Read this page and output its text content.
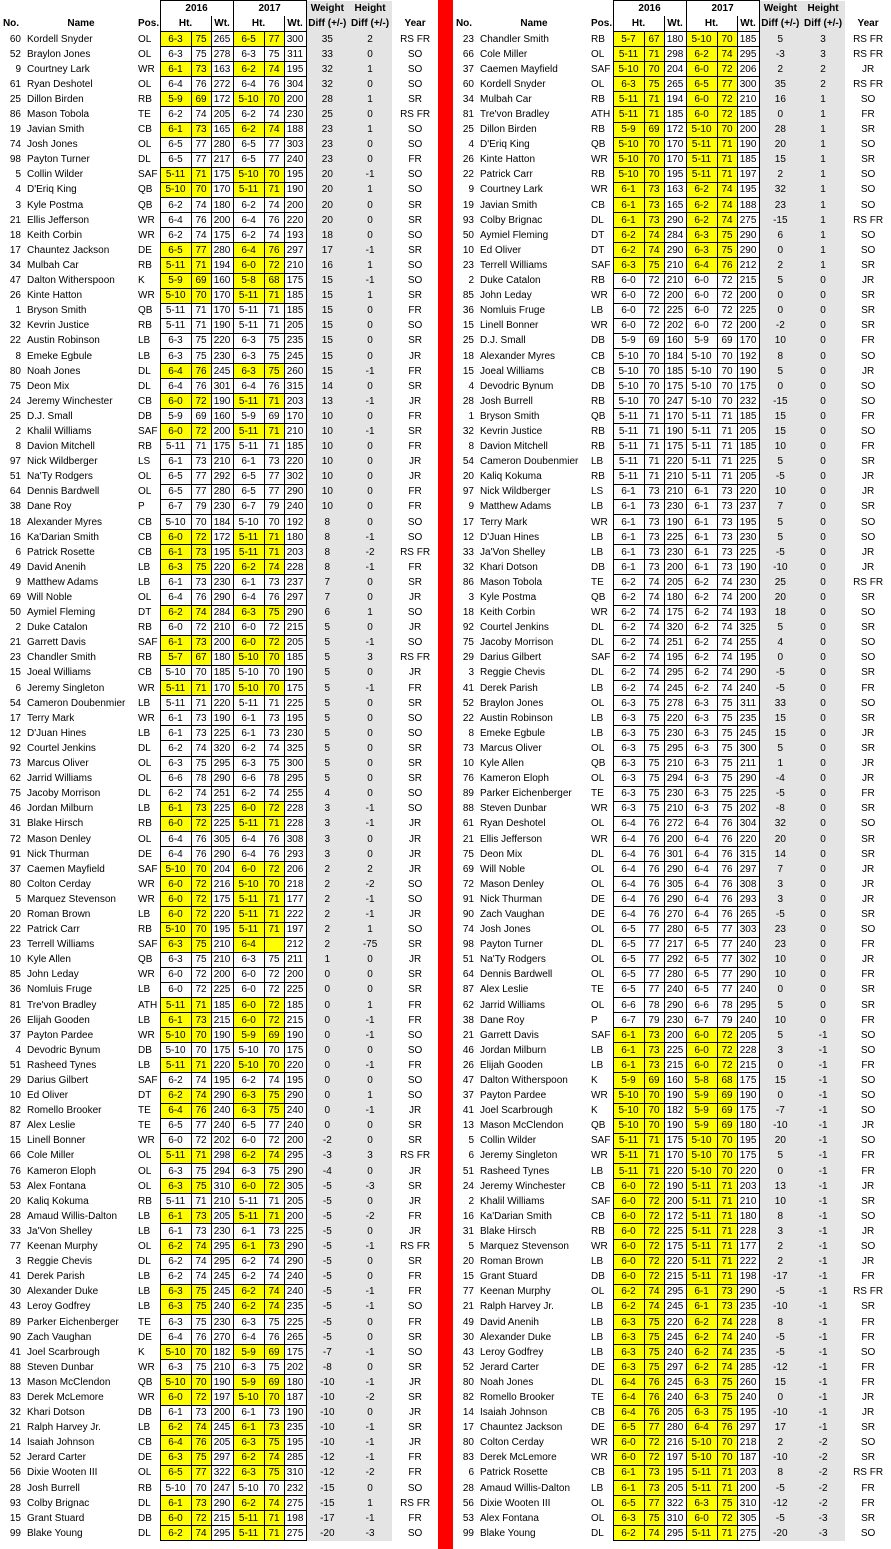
			2016			2017			Weight	Height	
No.	Name	Pos.	Ht.		Wt.	Ht.		Wt.	Diff (+/-)	Diff (+/-)	Year
60	Kordell Snyder	OL	6-3	75	265	6-5	77	300	35	2	RS FR
52	Braylon Jones	OL	6-3	75	278	6-3	75	311	33	0	SO
9	Courtney Lark	WR	6-1	73	163	6-2	74	195	32	1	SO
61	Ryan Deshotel	OL	6-4	76	272	6-4	76	304	32	0	SO
25	Dillon Birden	RB	5-9	69	172	5-10	70	200	28	1	SR
86	Mason Tobola	TE	6-2	74	205	6-2	74	230	25	0	RS FR
19	Javian Smith	CB	6-1	73	165	6-2	74	188	23	1	SO
74	Josh Jones	OL	6-5	77	280	6-5	77	303	23	0	SO
98	Payton Turner	DL	6-5	77	217	6-5	77	240	23	0	FR
5	Collin Wilder	SAF	5-11	71	175	5-10	70	195	20	-1	SO
4	D'Eriq King	QB	5-10	70	170	5-11	71	190	20	1	SO
3	Kyle Postma	QB	6-2	74	180	6-2	74	200	20	0	SR
21	Ellis Jefferson	WR	6-4	76	200	6-4	76	220	20	0	SR
18	Keith Corbin	WR	6-2	74	175	6-2	74	193	18	0	SO
17	Chauntez Jackson	DE	6-5	77	280	6-4	76	297	17	-1	SR
34	Mulbah Car	RB	5-11	71	194	6-0	72	210	16	1	SO
47	Dalton Witherspoon	K	5-9	69	160	5-8	68	175	15	-1	SO
26	Kinte Hatton	WR	5-10	70	170	5-11	71	185	15	1	SR
1	Bryson Smith	QB	5-11	71	170	5-11	71	185	15	0	FR
32	Kevrin Justice	RB	5-11	71	190	5-11	71	205	15	0	SO
22	Austin Robinson	LB	6-3	75	220	6-3	75	235	15	0	SR
8	Emeke Egbule	LB	6-3	75	230	6-3	75	245	15	0	JR
80	Noah Jones	DL	6-4	76	245	6-3	75	260	15	-1	FR
75	Deon Mix	DL	6-4	76	301	6-4	76	315	14	0	SR
24	Jeremy Winchester	CB	6-0	72	190	5-11	71	203	13	-1	JR
25	D.J. Small	DB	5-9	69	160	5-9	69	170	10	0	FR
2	Khalil Williams	SAF	6-0	72	200	5-11	71	210	10	-1	SR
8	Davion Mitchell	RB	5-11	71	175	5-11	71	185	10	0	FR
97	Nick Wildberger	LS	6-1	73	210	6-1	73	220	10	0	JR
51	Na'Ty Rodgers	OL	6-5	77	292	6-5	77	302	10	0	JR
64	Dennis Bardwell	OL	6-5	77	280	6-5	77	290	10	0	FR
38	Dane Roy	P	6-7	79	230	6-7	79	240	10	0	FR
18	Alexander Myres	CB	5-10	70	184	5-10	70	192	8	0	SO
16	Ka'Darian Smith	CB	6-0	72	172	5-11	71	180	8	-1	SO
6	Patrick Rosette	CB	6-1	73	195	5-11	71	203	8	-2	RS FR
49	David Anenih	LB	6-3	75	220	6-2	74	228	8	-1	FR
9	Matthew Adams	LB	6-1	73	230	6-1	73	237	7	0	SR
69	Will Noble	OL	6-4	76	290	6-4	76	297	7	0	JR
50	Aymiel Fleming	DT	6-2	74	284	6-3	75	290	6	1	SO
2	Duke Catalon	RB	6-0	72	210	6-0	72	215	5	0	JR
21	Garrett Davis	SAF	6-1	73	200	6-0	72	205	5	-1	SO
23	Chandler Smith	RB	5-7	67	180	5-10	70	185	5	3	RS FR
15	Joeal Williams	CB	5-10	70	185	5-10	70	190	5	0	JR
6	Jeremy Singleton	WR	5-11	71	170	5-10	70	175	5	-1	FR
54	Cameron Doubenmier	LB	5-11	71	220	5-11	71	225	5	0	SR
17	Terry Mark	WR	6-1	73	190	6-1	73	195	5	0	SO
12	D'Juan Hines	LB	6-1	73	225	6-1	73	230	5	0	SO
92	Courtel Jenkins	DL	6-2	74	320	6-2	74	325	5	0	SR
73	Marcus Oliver	OL	6-3	75	295	6-3	75	300	5	0	SR
62	Jarrid Williams	OL	6-6	78	290	6-6	78	295	5	0	SR
75	Jacoby Morrison	DL	6-2	74	251	6-2	74	255	4	0	SO
46	Jordan Milburn	LB	6-1	73	225	6-0	72	228	3	-1	SO
31	Blake Hirsch	RB	6-0	72	225	5-11	71	228	3	-1	JR
72	Mason Denley	OL	6-4	76	305	6-4	76	308	3	0	JR
91	Nick Thurman	DE	6-4	76	290	6-4	76	293	3	0	JR
37	Caemen Mayfield	SAF	5-10	70	204	6-0	72	206	2	2	JR
80	Colton Cerday	WR	6-0	72	216	5-10	70	218	2	-2	SO
5	Marquez Stevenson	WR	6-0	72	175	5-11	71	177	2	-1	SO
20	Roman Brown	LB	6-0	72	220	5-11	71	222	2	-1	JR
22	Patrick Carr	RB	5-10	70	195	5-11	71	197	2	1	SO
23	Terrell Williams	SAF	6-3	75	210	6-4		212	2	-75	SR
10	Kyle Allen	QB	6-3	75	210	6-3	75	211	1	0	JR
85	John Leday	WR	6-0	72	200	6-0	72	200	0	0	SR
36	Nomluis Fruge	LB	6-0	72	225	6-0	72	225	0	0	SR
81	Tre'von Bradley	ATH	5-11	71	185	6-0	72	185	0	1	FR
26	Elijah Gooden	LB	6-1	73	215	6-0	72	215	0	-1	FR
37	Payton Pardee	WR	5-10	70	190	5-9	69	190	0	-1	SO
4	Devodric Bynum	DB	5-10	70	175	5-10	70	175	0	0	SO
51	Rasheed Tynes	LB	5-11	71	220	5-10	70	220	0	-1	FR
29	Darius Gilbert	SAF	6-2	74	195	6-2	74	195	0	0	SO
10	Ed Oliver	DT	6-2	74	290	6-3	75	290	0	1	SO
82	Romello Brooker	TE	6-4	76	240	6-3	75	240	0	-1	JR
87	Alex Leslie	TE	6-5	77	240	6-5	77	240	0	0	SR
15	Linell Bonner	WR	6-0	72	202	6-0	72	200	-2	0	SR
66	Cole Miller	OL	5-11	71	298	6-2	74	295	-3	3	RS FR
76	Kameron Eloph	OL	6-3	75	294	6-3	75	290	-4	0	JR
53	Alex Fontana	OL	6-3	75	310	6-0	72	305	-5	-3	SR
20	Kaliq Kokuma	RB	5-11	71	210	5-11	71	205	-5	0	JR
28	Amaud Willis-Dalton	LB	6-1	73	205	5-11	71	200	-5	-2	FR
33	Ja'Von Shelley	LB	6-1	73	230	6-1	73	225	-5	0	JR
77	Keenan Murphy	OL	6-2	74	295	6-1	73	290	-5	-1	RS FR
3	Reggie Chevis	DL	6-2	74	295	6-2	74	290	-5	0	SR
41	Derek Parish	LB	6-2	74	245	6-2	74	240	-5	0	FR
30	Alexander Duke	LB	6-3	75	245	6-2	74	240	-5	-1	FR
43	Leroy Godfrey	LB	6-3	75	240	6-2	74	235	-5	-1	SO
89	Parker Eichenberger	TE	6-3	75	230	6-3	75	225	-5	0	FR
90	Zach Vaughan	DE	6-4	76	270	6-4	76	265	-5	0	SR
41	Joel Scarbrough	K	5-10	70	182	5-9	69	175	-7	-1	SO
88	Steven Dunbar	WR	6-3	75	210	6-3	75	202	-8	0	SR
13	Mason McClendon	QB	5-10	70	190	5-9	69	180	-10	-1	JR
83	Derek McLemore	WR	6-0	72	197	5-10	70	187	-10	-2	SR
32	Khari Dotson	DB	6-1	73	200	6-1	73	190	-10	0	JR
21	Ralph Harvey Jr.	LB	6-2	74	245	6-1	73	235	-10	-1	SR
14	Isaiah Johnson	CB	6-4	76	205	6-3	75	195	-10	-1	JR
52	Jerard Carter	DE	6-3	75	297	6-2	74	285	-12	-1	FR
56	Dixie Wooten III	OL	6-5	77	322	6-3	75	310	-12	-2	FR
28	Josh Burrell	RB	5-10	70	247	5-10	70	232	-15	0	SO
93	Colby Brignac	DL	6-1	73	290	6-2	74	275	-15	1	RS FR
15	Grant Stuard	DB	6-0	72	215	5-11	71	198	-17	-1	FR
99	Blake Young	DL	6-2	74	295	5-11	71	275	-20	-3	SO
			2016			2017			Weight	Height	
No.	Name	Pos.	Ht.		Wt.	Ht.		Wt.	Diff (+/-)	Diff (+/-)	Year
23	Chandler Smith	RB	5-7	67	180	5-10	70	185	5	3	RS FR
66	Cole Miller	OL	5-11	71	298	6-2	74	295	-3	3	RS FR
37	Caemen Mayfield	SAF	5-10	70	204	6-0	72	206	2	2	JR
60	Kordell Snyder	OL	6-3	75	265	6-5	77	300	35	2	RS FR
34	Mulbah Car	RB	5-11	71	194	6-0	72	210	16	1	SO
81	Tre'von Bradley	ATH	5-11	71	185	6-0	72	185	0	1	FR
25	Dillon Birden	RB	5-9	69	172	5-10	70	200	28	1	SR
4	D'Eriq King	QB	5-10	70	170	5-11	71	190	20	1	SO
26	Kinte Hatton	WR	5-10	70	170	5-11	71	185	15	1	SR
22	Patrick Carr	RB	5-10	70	195	5-11	71	197	2	1	SO
9	Courtney Lark	WR	6-1	73	163	6-2	74	195	32	1	SO
19	Javian Smith	CB	6-1	73	165	6-2	74	188	23	1	SO
93	Colby Brignac	DL	6-1	73	290	6-2	74	275	-15	1	RS FR
50	Aymiel Fleming	DT	6-2	74	284	6-3	75	290	6	1	SO
10	Ed Oliver	DT	6-2	74	290	6-3	75	290	0	1	SO
23	Terrell Williams	SAF	6-3	75	210	6-4	76	212	2	1	SR
2	Duke Catalon	RB	6-0	72	210	6-0	72	215	5	0	JR
85	John Leday	WR	6-0	72	200	6-0	72	200	0	0	SR
36	Nomluis Fruge	LB	6-0	72	225	6-0	72	225	0	0	SR
15	Linell Bonner	WR	6-0	72	202	6-0	72	200	-2	0	SR
25	D.J. Small	DB	5-9	69	160	5-9	69	170	10	0	FR
18	Alexander Myres	CB	5-10	70	184	5-10	70	192	8	0	SO
15	Joeal Williams	CB	5-10	70	185	5-10	70	190	5	0	JR
4	Devodric Bynum	DB	5-10	70	175	5-10	70	175	0	0	SO
28	Josh Burrell	RB	5-10	70	247	5-10	70	232	-15	0	SO
1	Bryson Smith	QB	5-11	71	170	5-11	71	185	15	0	FR
32	Kevrin Justice	RB	5-11	71	190	5-11	71	205	15	0	SO
8	Davion Mitchell	RB	5-11	71	175	5-11	71	185	10	0	FR
54	Cameron Doubenmier	LB	5-11	71	220	5-11	71	225	5	0	SR
20	Kaliq Kokuma	RB	5-11	71	210	5-11	71	205	-5	0	JR
97	Nick Wildberger	LS	6-1	73	210	6-1	73	220	10	0	JR
9	Matthew Adams	LB	6-1	73	230	6-1	73	237	7	0	SR
17	Terry Mark	WR	6-1	73	190	6-1	73	195	5	0	SO
12	D'Juan Hines	LB	6-1	73	225	6-1	73	230	5	0	SO
33	Ja'Von Shelley	LB	6-1	73	230	6-1	73	225	-5	0	JR
32	Khari Dotson	DB	6-1	73	200	6-1	73	190	-10	0	JR
86	Mason Tobola	TE	6-2	74	205	6-2	74	230	25	0	RS FR
3	Kyle Postma	QB	6-2	74	180	6-2	74	200	20	0	SR
18	Keith Corbin	WR	6-2	74	175	6-2	74	193	18	0	SO
92	Courtel Jenkins	DL	6-2	74	320	6-2	74	325	5	0	SR
75	Jacoby Morrison	DL	6-2	74	251	6-2	74	255	4	0	SO
29	Darius Gilbert	SAF	6-2	74	195	6-2	74	195	0	0	SO
3	Reggie Chevis	DL	6-2	74	295	6-2	74	290	-5	0	SR
41	Derek Parish	LB	6-2	74	245	6-2	74	240	-5	0	FR
52	Braylon Jones	OL	6-3	75	278	6-3	75	311	33	0	SO
22	Austin Robinson	LB	6-3	75	220	6-3	75	235	15	0	SR
8	Emeke Egbule	LB	6-3	75	230	6-3	75	245	15	0	JR
73	Marcus Oliver	OL	6-3	75	295	6-3	75	300	5	0	SR
10	Kyle Allen	QB	6-3	75	210	6-3	75	211	1	0	JR
76	Kameron Eloph	OL	6-3	75	294	6-3	75	290	-4	0	JR
89	Parker Eichenberger	TE	6-3	75	230	6-3	75	225	-5	0	FR
88	Steven Dunbar	WR	6-3	75	210	6-3	75	202	-8	0	SR
61	Ryan Deshotel	OL	6-4	76	272	6-4	76	304	32	0	SO
21	Ellis Jefferson	WR	6-4	76	200	6-4	76	220	20	0	SR
75	Deon Mix	DL	6-4	76	301	6-4	76	315	14	0	SR
69	Will Noble	OL	6-4	76	290	6-4	76	297	7	0	JR
72	Mason Denley	OL	6-4	76	305	6-4	76	308	3	0	JR
91	Nick Thurman	DE	6-4	76	290	6-4	76	293	3	0	JR
90	Zach Vaughan	DE	6-4	76	270	6-4	76	265	-5	0	SR
74	Josh Jones	OL	6-5	77	280	6-5	77	303	23	0	SO
98	Payton Turner	DL	6-5	77	217	6-5	77	240	23	0	FR
51	Na'Ty Rodgers	OL	6-5	77	292	6-5	77	302	10	0	JR
64	Dennis Bardwell	OL	6-5	77	280	6-5	77	290	10	0	FR
87	Alex Leslie	TE	6-5	77	240	6-5	77	240	0	0	SR
62	Jarrid Williams	OL	6-6	78	290	6-6	78	295	5	0	SR
38	Dane Roy	P	6-7	79	230	6-7	79	240	10	0	FR
21	Garrett Davis	SAF	6-1	73	200	6-0	72	205	5	-1	SO
46	Jordan Milburn	LB	6-1	73	225	6-0	72	228	3	-1	SO
26	Elijah Gooden	LB	6-1	73	215	6-0	72	215	0	-1	FR
47	Dalton Witherspoon	K	5-9	69	160	5-8	68	175	15	-1	SO
37	Payton Pardee	WR	5-10	70	190	5-9	69	190	0	-1	SO
41	Joel Scarbrough	K	5-10	70	182	5-9	69	175	-7	-1	SO
13	Mason McClendon	QB	5-10	70	190	5-9	69	180	-10	-1	JR
5	Collin Wilder	SAF	5-11	71	175	5-10	70	195	20	-1	SO
6	Jeremy Singleton	WR	5-11	71	170	5-10	70	175	5	-1	FR
51	Rasheed Tynes	LB	5-11	71	220	5-10	70	220	0	-1	FR
24	Jeremy Winchester	CB	6-0	72	190	5-11	71	203	13	-1	JR
2	Khalil Williams	SAF	6-0	72	200	5-11	71	210	10	-1	SR
16	Ka'Darian Smith	CB	6-0	72	172	5-11	71	180	8	-1	SO
31	Blake Hirsch	RB	6-0	72	225	5-11	71	228	3	-1	JR
5	Marquez Stevenson	WR	6-0	72	175	5-11	71	177	2	-1	SO
20	Roman Brown	LB	6-0	72	220	5-11	71	222	2	-1	JR
15	Grant Stuard	DB	6-0	72	215	5-11	71	198	-17	-1	FR
77	Keenan Murphy	OL	6-2	74	295	6-1	73	290	-5	-1	RS FR
21	Ralph Harvey Jr.	LB	6-2	74	245	6-1	73	235	-10	-1	SR
49	David Anenih	LB	6-3	75	220	6-2	74	228	8	-1	FR
30	Alexander Duke	LB	6-3	75	245	6-2	74	240	-5	-1	FR
43	Leroy Godfrey	LB	6-3	75	240	6-2	74	235	-5	-1	SO
52	Jerard Carter	DE	6-3	75	297	6-2	74	285	-12	-1	FR
80	Noah Jones	DL	6-4	76	245	6-3	75	260	15	-1	FR
82	Romello Brooker	TE	6-4	76	240	6-3	75	240	0	-1	JR
14	Isaiah Johnson	CB	6-4	76	205	6-3	75	195	-10	-1	JR
17	Chauntez Jackson	DE	6-5	77	280	6-4	76	297	17	-1	SR
80	Colton Cerday	WR	6-0	72	216	5-10	70	218	2	-2	SO
83	Derek McLemore	WR	6-0	72	197	5-10	70	187	-10	-2	SR
6	Patrick Rosette	CB	6-1	73	195	5-11	71	203	8	-2	RS FR
28	Amaud Willis-Dalton	LB	6-1	73	205	5-11	71	200	-5	-2	FR
56	Dixie Wooten III	OL	6-5	77	322	6-3	75	310	-12	-2	FR
53	Alex Fontana	OL	6-3	75	310	6-0	72	305	-5	-3	SR
99	Blake Young	DL	6-2	74	295	5-11	71	275	-20	-3	SO
